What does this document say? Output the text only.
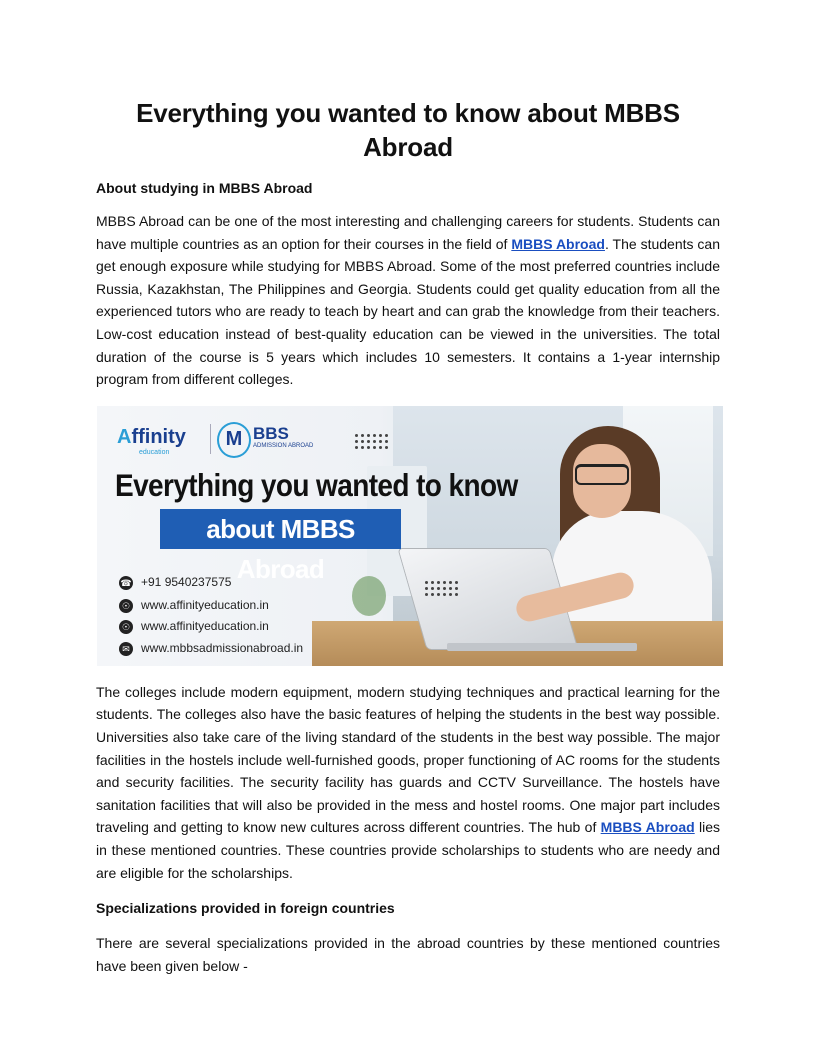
Everything you wanted to know about MBBS Abroad

About studying in MBBS Abroad

MBBS Abroad can be one of the most interesting and challenging careers for students. Students can have multiple countries as an option for their courses in the field of MBBS Abroad. The students can get enough exposure while studying for MBBS Abroad. Some of the most preferred countries include Russia, Kazakhstan, The Philippines and Georgia. Students could get quality education from all the experienced tutors who are ready to teach by heart and can grab the knowledge from their teachers. Low-cost education instead of best-quality education can be viewed in the universities. The total duration of the course is 5 years which includes 10 semesters. It contains a 1-year internship program from different colleges.

Affinity
education
M BBS
ADMISSION ABROAD
Everything you wanted to know
about MBBS Abroad
☎ +91 9540237575
☉ www.affinityeducation.in
☉ www.affinityeducation.in
✉ www.mbbsadmissionabroad.in

The colleges include modern equipment, modern studying techniques and practical learning for the students. The colleges also have the basic features of helping the students in the best way possible. Universities also take care of the living standard of the students in the best way possible. The major facilities in the hostels include well-furnished goods, proper functioning of AC rooms for the students and security facilities. The security facility has guards and CCTV Surveillance. The hostels have sanitation facilities that will also be provided in the mess and hostel rooms. One major part includes traveling and getting to know new cultures across different countries. The hub of MBBS Abroad lies in these mentioned countries. These countries provide scholarships to students who are needy and are eligible for the scholarships.

Specializations provided in foreign countries

There are several specializations provided in the abroad countries by these mentioned countries have been given below -
